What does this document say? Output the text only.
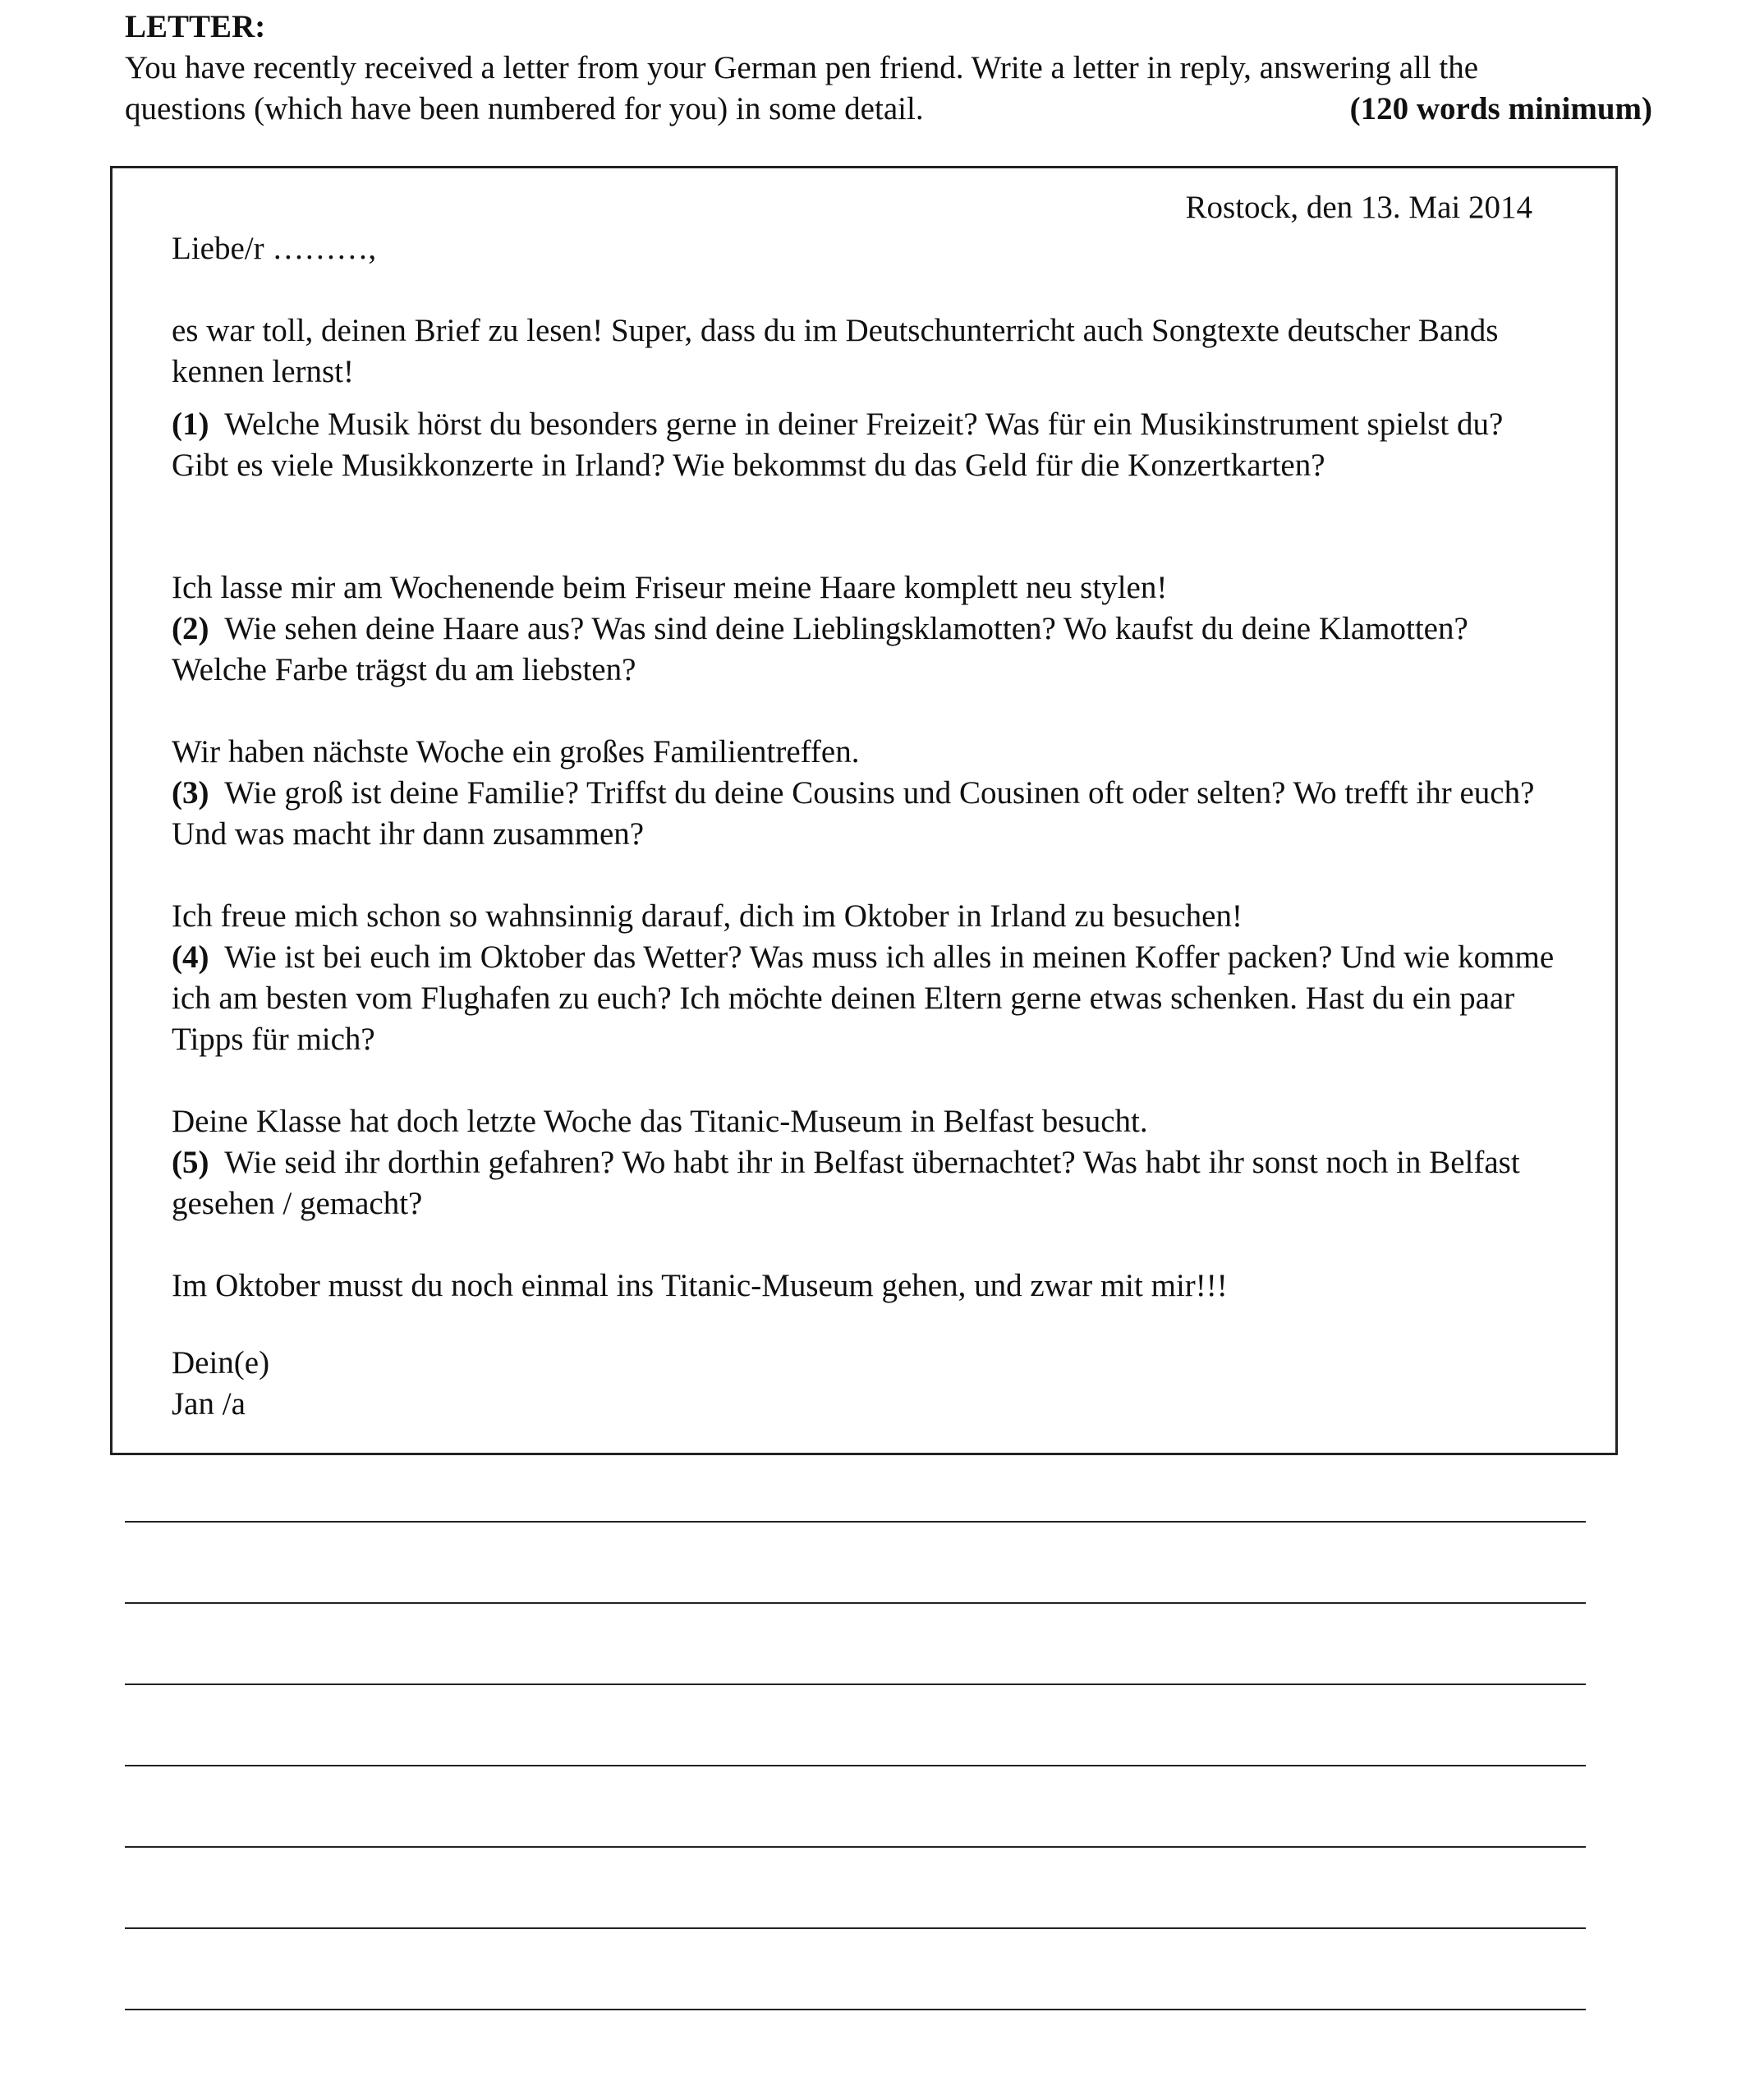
LETTER:
You have recently received a letter from your German pen friend. Write a letter in reply, answering all the
questions (which have been numbered for you) in some detail.	(120 words minimum)
Rostock, den 13. Mai 2014
Liebe/r ………,
es war toll, deinen Brief zu lesen! Super, dass du im Deutschunterricht auch Songtexte deutscher Bands kennen lernst!
(1) Welche Musik hörst du besonders gerne in deiner Freizeit? Was für ein Musikinstrument spielst du? Gibt es viele Musikkonzerte in Irland? Wie bekommst du das Geld für die Konzertkarten?
Ich lasse mir am Wochenende beim Friseur meine Haare komplett neu stylen!
(2) Wie sehen deine Haare aus? Was sind deine Lieblingsklamotten? Wo kaufst du deine Klamotten? Welche Farbe trägst du am liebsten?
Wir haben nächste Woche ein großes Familientreffen.
(3) Wie groß ist deine Familie? Triffst du deine Cousins und Cousinen oft oder selten? Wo trefft ihr euch? Und was macht ihr dann zusammen?
Ich freue mich schon so wahnsinnig darauf, dich im Oktober in Irland zu besuchen!
(4) Wie ist bei euch im Oktober das Wetter? Was muss ich alles in meinen Koffer packen? Und wie komme ich am besten vom Flughafen zu euch? Ich möchte deinen Eltern gerne etwas schenken. Hast du ein paar Tipps für mich?
Deine Klasse hat doch letzte Woche das Titanic-Museum in Belfast besucht.
(5) Wie seid ihr dorthin gefahren? Wo habt ihr in Belfast übernachtet? Was habt ihr sonst noch in Belfast gesehen / gemacht?
Im Oktober musst du noch einmal ins Titanic-Museum gehen, und zwar mit mir!!!
Dein(e)
Jan /a
